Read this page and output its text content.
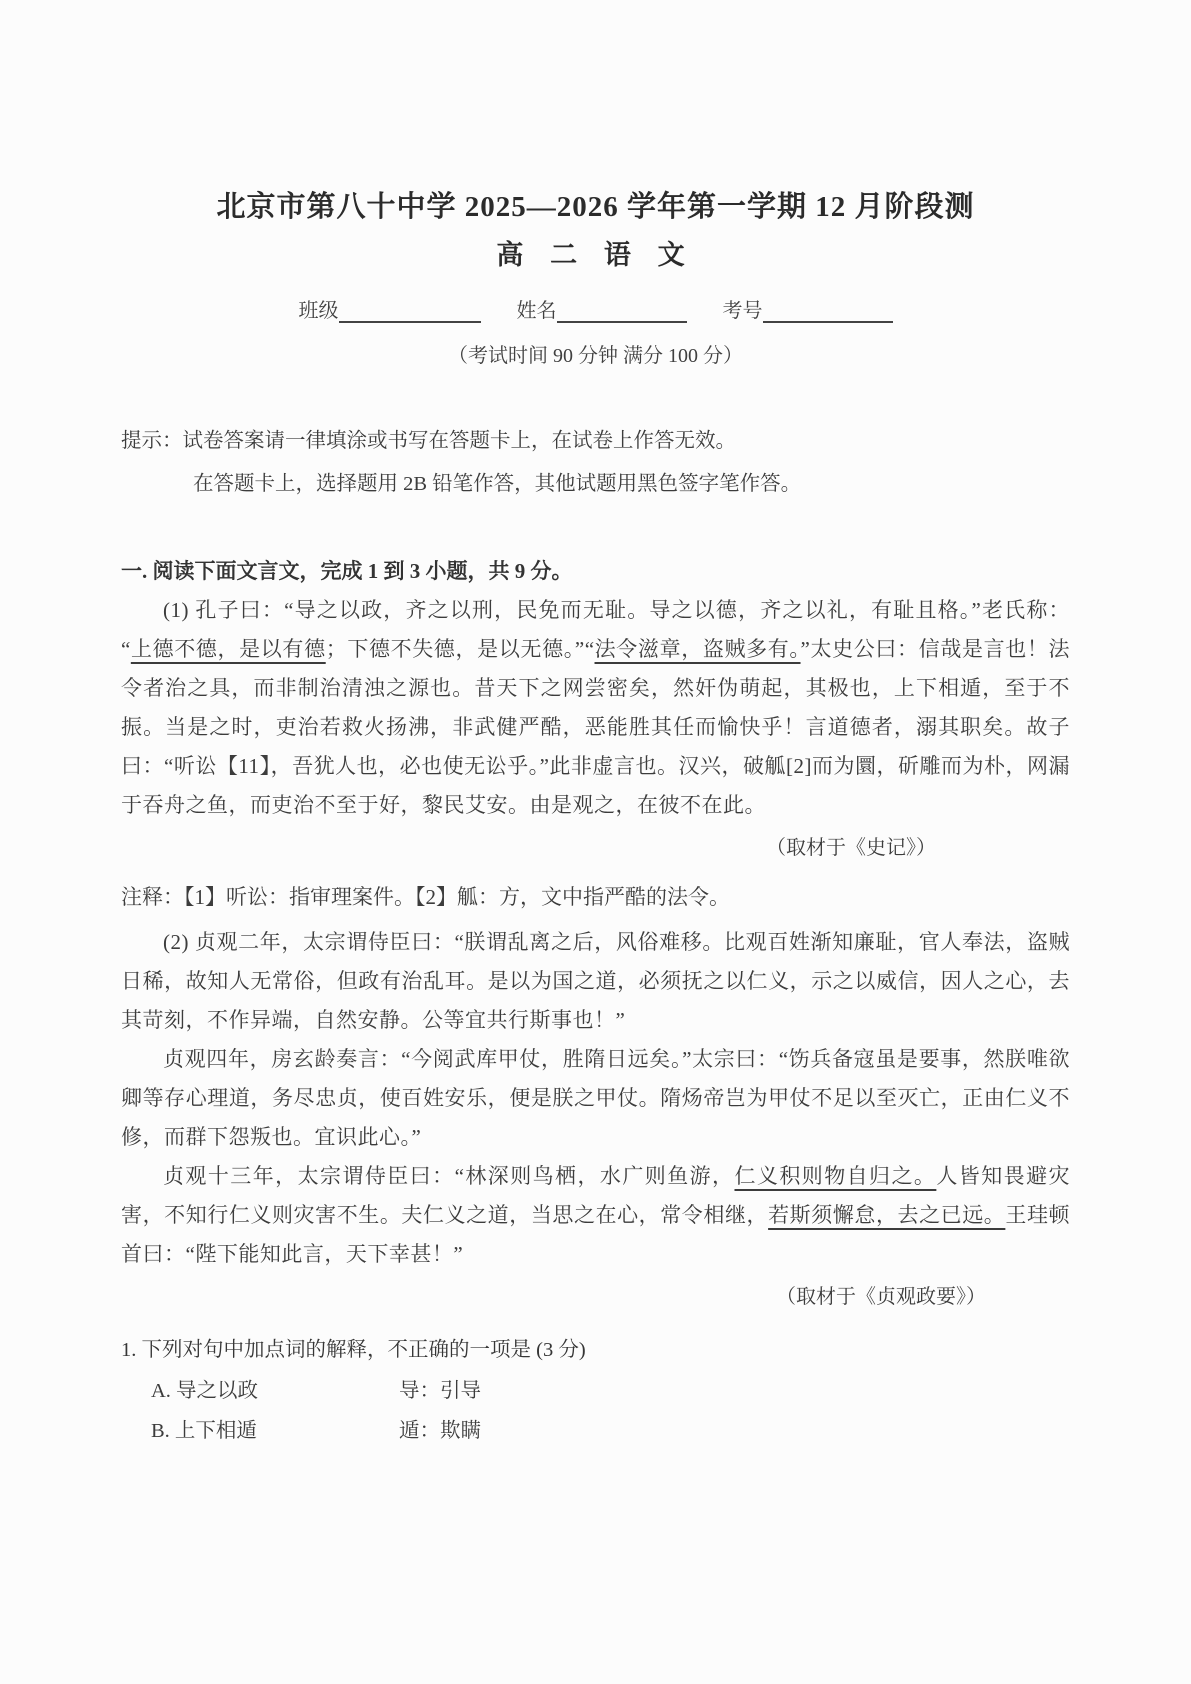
北京市第八十中学 2025—2026 学年第一学期 12 月阶段测
高 二 语 文
班级	姓名	考号
（考试时间 90 分钟 满分 100 分）
提示：试卷答案请一律填涂或书写在答题卡上，在试卷上作答无效。
在答题卡上，选择题用 2B 铅笔作答，其他试题用黑色签字笔作答。
一. 阅读下面文言文，完成 1 到 3 小题，共 9 分。

(1) 孔子曰：“导之以政，齐之以刑，民免而无耻。导之以德，齐之以礼，有耻且格。”老氏称：“上德不德，是以有德；下德不失德，是以无德。”“法令滋章，盗贼多有。”太史公曰：信哉是言也！法令者治之具，而非制治清浊之源也。昔天下之网尝密矣，然奸伪萌起，其极也，上下相遁，至于不振。当是之时，吏治若救火扬沸，非武健严酷，恶能胜其任而愉快乎！言道德者，溺其职矣。故子曰：“听讼【11】，吾犹人也，必也使无讼乎。”此非虚言也。汉兴，破觚[2]而为圜，斫雕而为朴，网漏于吞舟之鱼，而吏治不至于好，黎民艾安。由是观之，在彼不在此。

（取材于《史记》）

注释：【1】听讼：指审理案件。【2】觚：方，文中指严酷的法令。

(2) 贞观二年，太宗谓侍臣曰：“朕谓乱离之后，风俗难移。比观百姓渐知廉耻，官人奉法，盗贼日稀，故知人无常俗，但政有治乱耳。是以为国之道，必须抚之以仁义，示之以威信，因人之心，去其苛刻，不作异端，自然安静。公等宜共行斯事也！”

贞观四年，房玄龄奏言：“今阅武库甲仗，胜隋日远矣。”太宗曰：“饬兵备寇虽是要事，然朕唯欲卿等存心理道，务尽忠贞，使百姓安乐，便是朕之甲仗。隋炀帝岂为甲仗不足以至灭亡，正由仁义不修，而群下怨叛也。宜识此心。”

贞观十三年，太宗谓侍臣曰：“林深则鸟栖，水广则鱼游，仁义积则物自归之。人皆知畏避灾害，不知行仁义则灾害不生。夫仁义之道，当思之在心，常令相继，若斯须懈怠，去之已远。王珪顿首曰：“陛下能知此言，天下幸甚！”

（取材于《贞观政要》）

1. 下列对句中加点词的解释，不正确的一项是 (3 分)

A. 导之以政	导：引导
B. 上下相遁	遁：欺瞒
